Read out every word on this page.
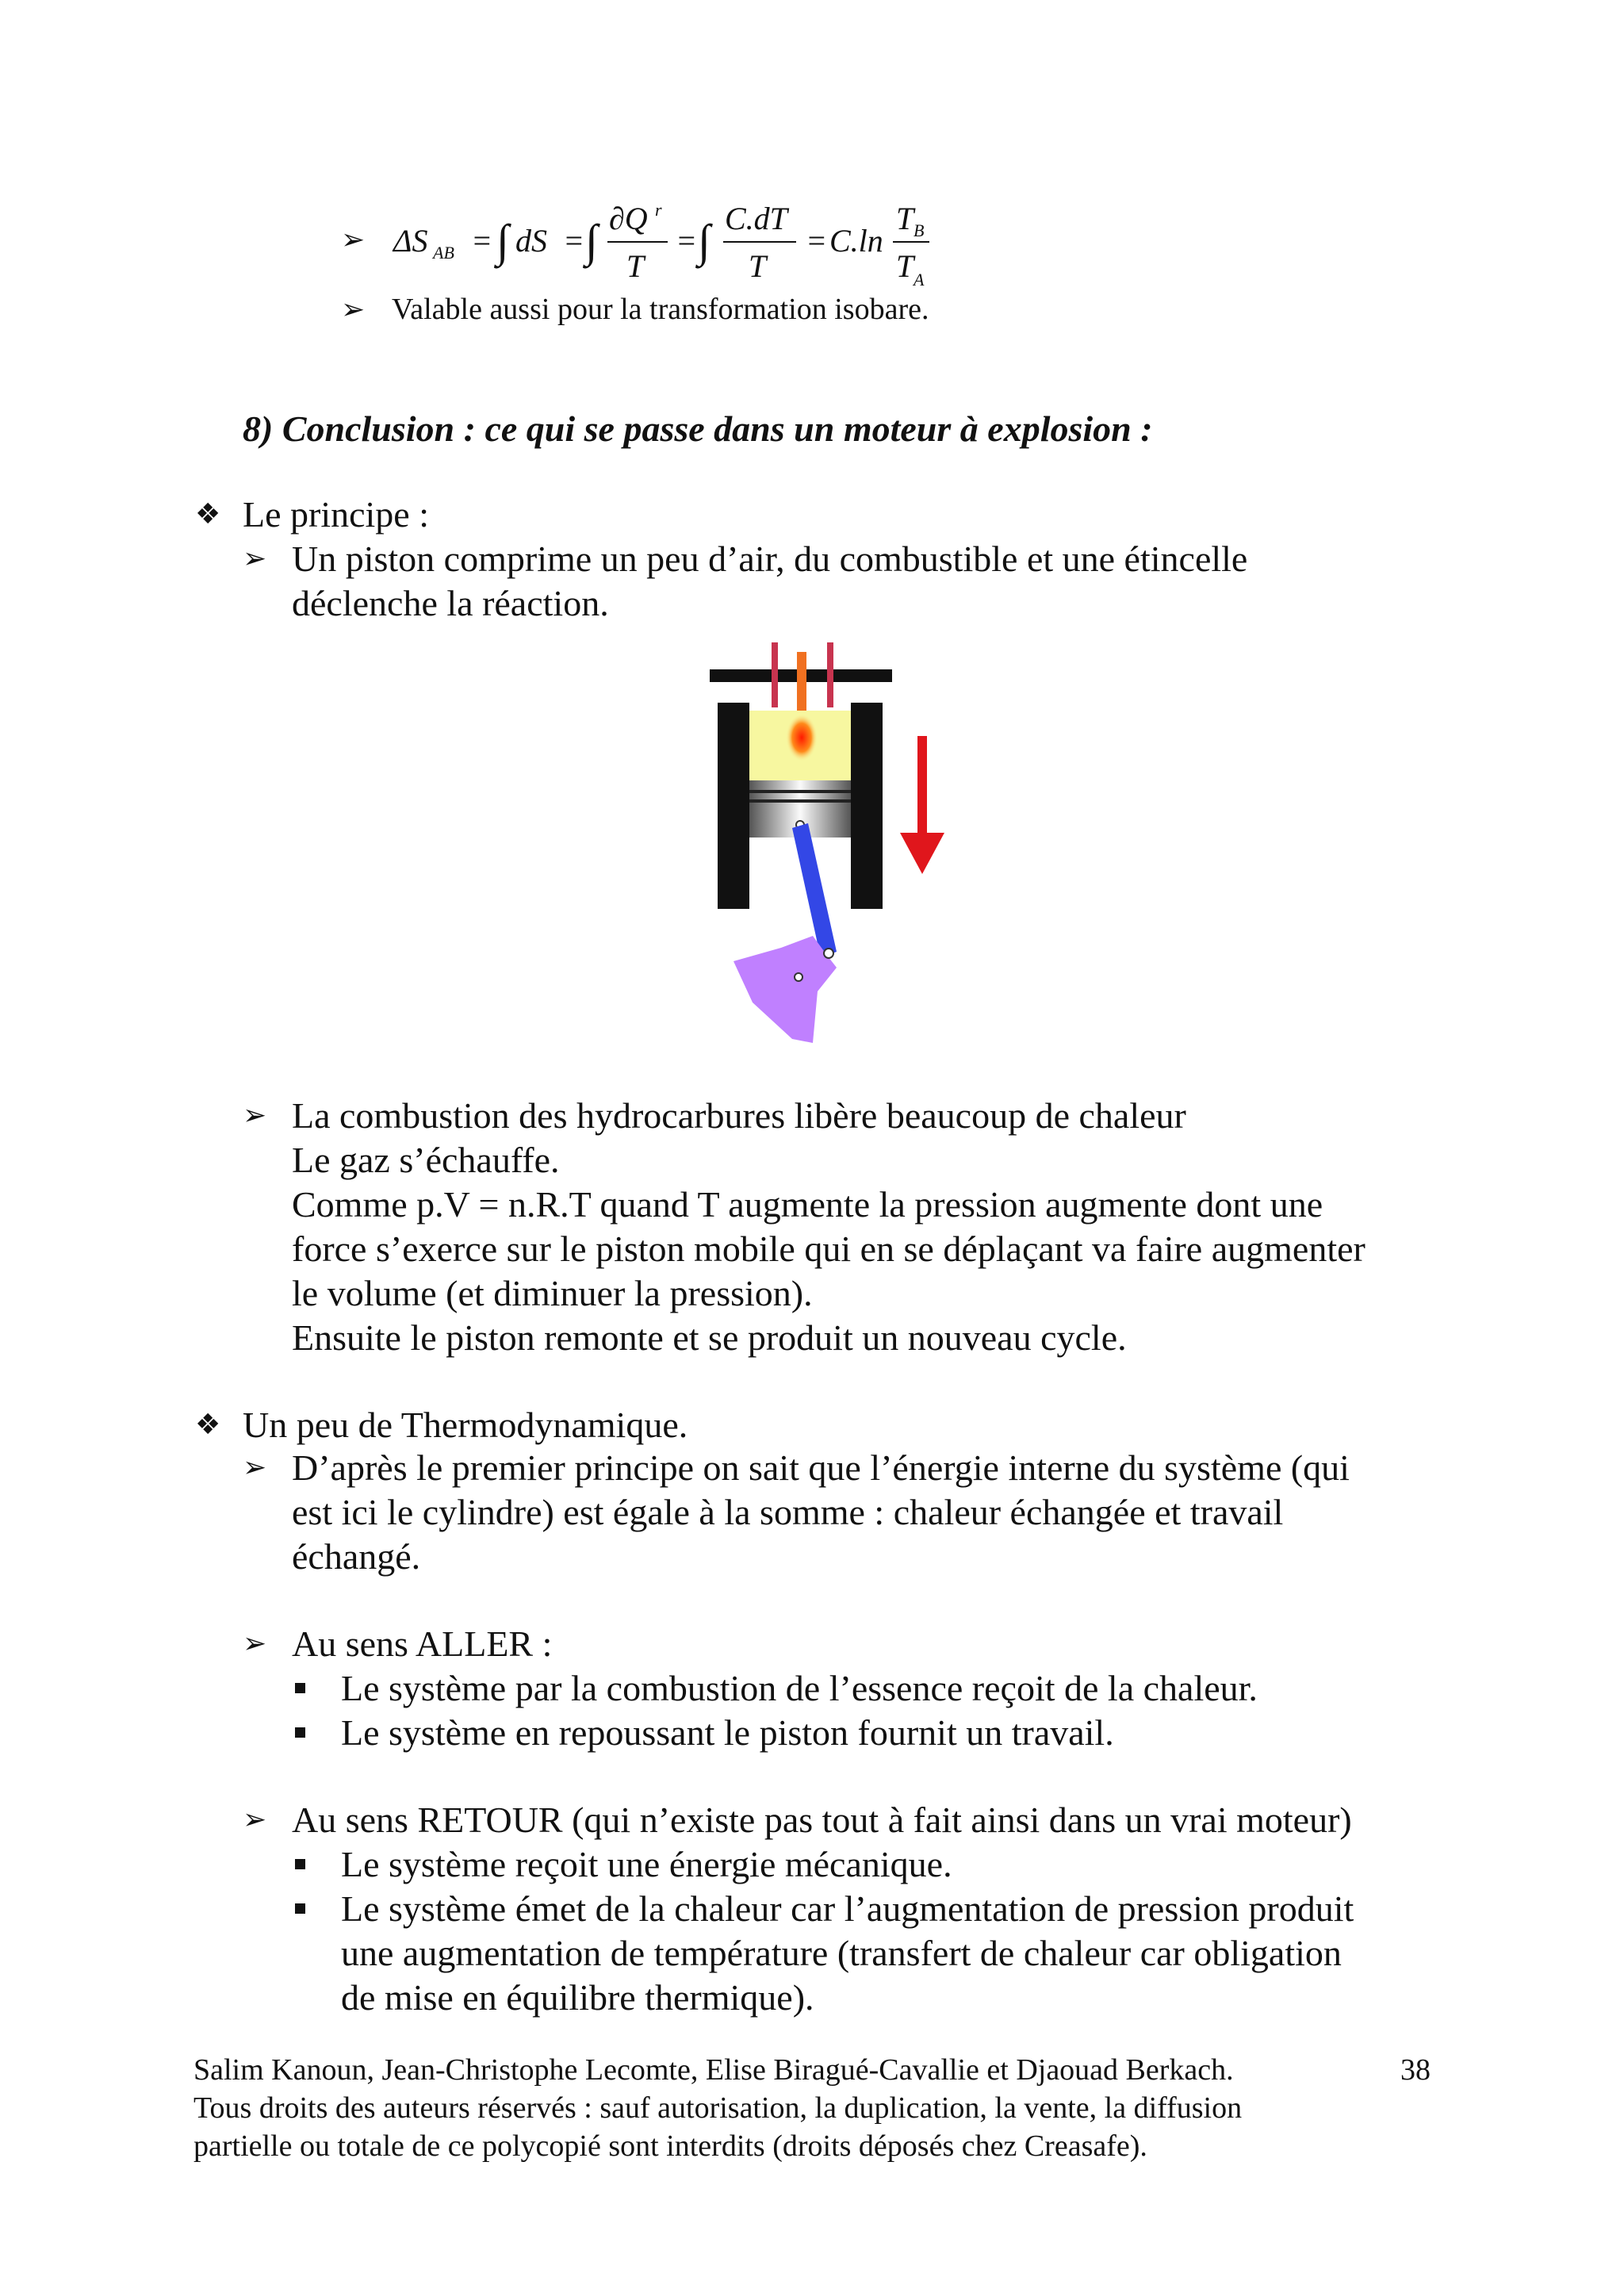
➢ ΔS AB = ∫ dS = ∫ ∂Q r
T
= ∫ C.dT
T
= C.ln
T B
T A
➢ Valable aussi pour la transformation isobare.
8) Conclusion : ce qui se passe dans un moteur à explosion :
❖ Le principe :
➢ Un piston comprime un peu d’air, du combustible et une étincelle
déclenche la réaction.
➢ La combustion des hydrocarbures libère beaucoup de chaleur
Le gaz s’échauffe.
Comme p.V = n.R.T quand T augmente la pression augmente dont une
force s’exerce sur le piston mobile qui en se déplaçant va faire augmenter
le volume (et diminuer la pression).
Ensuite le piston remonte et se produit un nouveau cycle.
❖ Un peu de Thermodynamique.
➢ D’après le premier principe on sait que l’énergie interne du système (qui
est ici le cylindre) est égale à la somme : chaleur échangée et travail
échangé.
➢ Au sens ALLER :
Le système par la combustion de l’essence reçoit de la chaleur.
Le système en repoussant le piston fournit un travail.
➢ Au sens RETOUR (qui n’existe pas tout à fait ainsi dans un vrai moteur)
Le système reçoit une énergie mécanique.
Le système émet de la chaleur car l’augmentation de pression produit
une augmentation de température (transfert de chaleur car obligation
de mise en équilibre thermique).
Salim Kanoun, Jean-Christophe Lecomte, Elise Biragué-Cavallie et Djaouad Berkach.	38
Tous droits des auteurs réservés : sauf autorisation, la duplication, la vente, la diffusion
partielle ou totale de ce polycopié sont interdits (droits déposés chez Creasafe).
